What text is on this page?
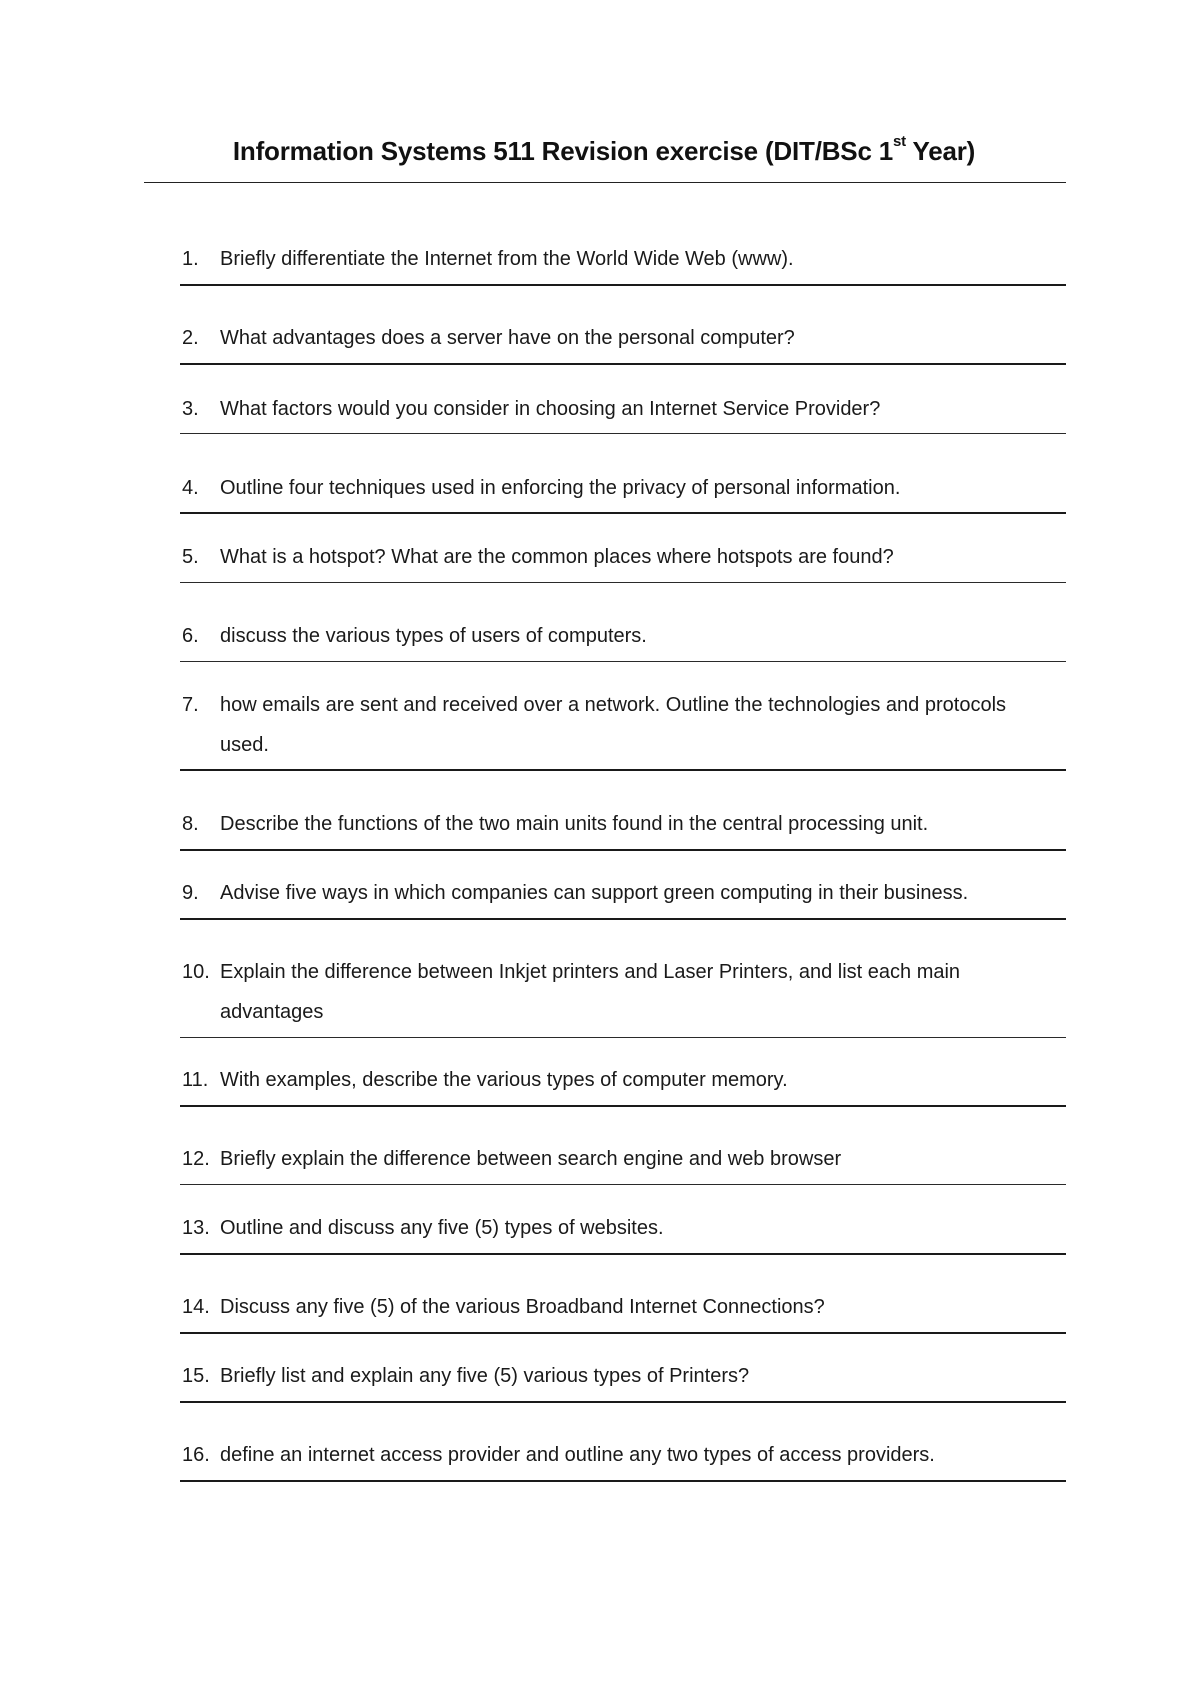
Information Systems 511 Revision exercise (DIT/BSc 1st Year)
1.	Briefly differentiate the Internet from the World Wide Web (www).
2.	What advantages does a server have on the personal computer?
3.	What factors would you consider in choosing an Internet Service Provider?
4.	Outline four techniques used in enforcing the privacy of personal information.
5.	What is a hotspot? What are the common places where hotspots are found?
6.	discuss the various types of users of computers.
7.	how emails are sent and received over a network. Outline the technologies and protocols used.
8.	Describe the functions of the two main units found in the central processing unit.
9.	Advise five ways in which companies can support green computing in their business.
10. Explain the difference between Inkjet printers and Laser Printers, and list each main advantages
11. With examples, describe the various types of computer memory.
12. Briefly explain the difference between search engine and web browser
13. Outline and discuss any five (5) types of websites.
14. Discuss any five (5) of the various Broadband Internet Connections?
15. Briefly list and explain any five (5) various types of Printers?
16. define an internet access provider and outline any two types of access providers.
